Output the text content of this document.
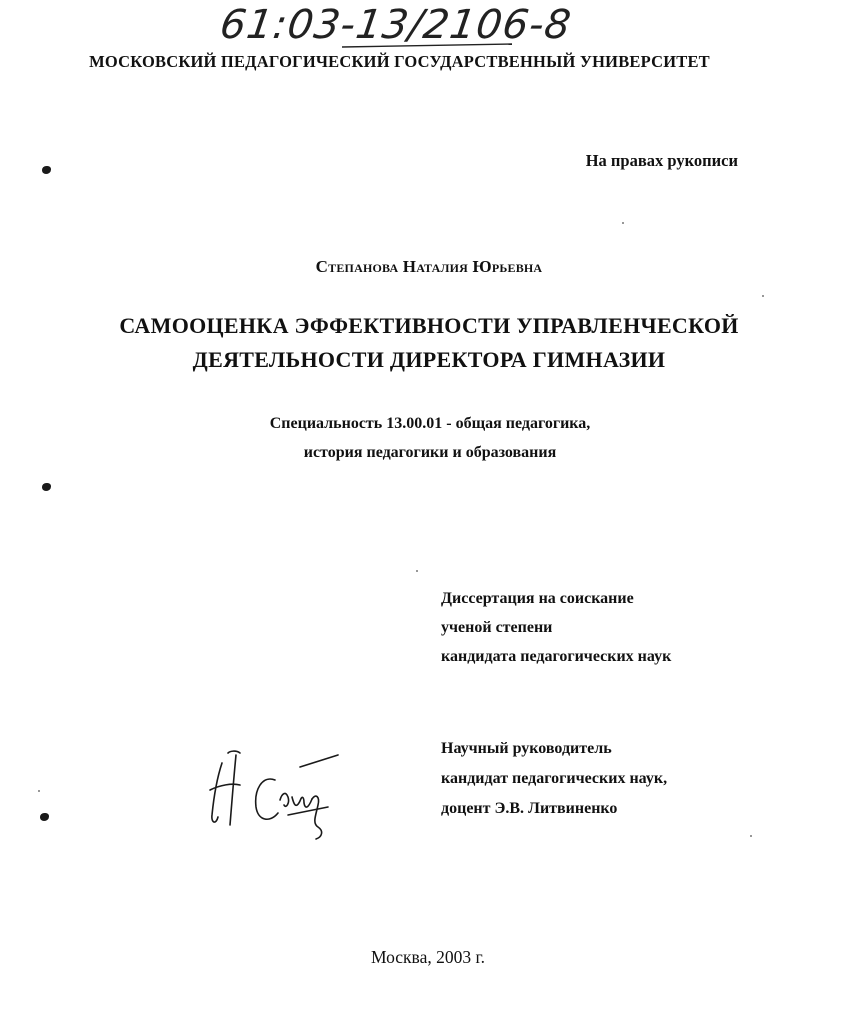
61:03-13/2106-8
МОСКОВСКИЙ ПЕДАГОГИЧЕСКИЙ ГОСУДАРСТВЕННЫЙ УНИВЕРСИТЕТ
На правах рукописи
Степанова Наталия Юрьевна
САМООЦЕНКА ЭФФЕКТИВНОСТИ УПРАВЛЕНЧЕСКОЙ
ДЕЯТЕЛЬНОСТИ ДИРЕКТОРА ГИМНАЗИИ
Специальность 13.00.01 - общая педагогика,
история педагогики и образования
Диссертация на соискание
ученой степени
кандидата педагогических наук
Научный руководитель
кандидат педагогических наук,
доцент Э.В. Литвиненко
Москва, 2003 г.
